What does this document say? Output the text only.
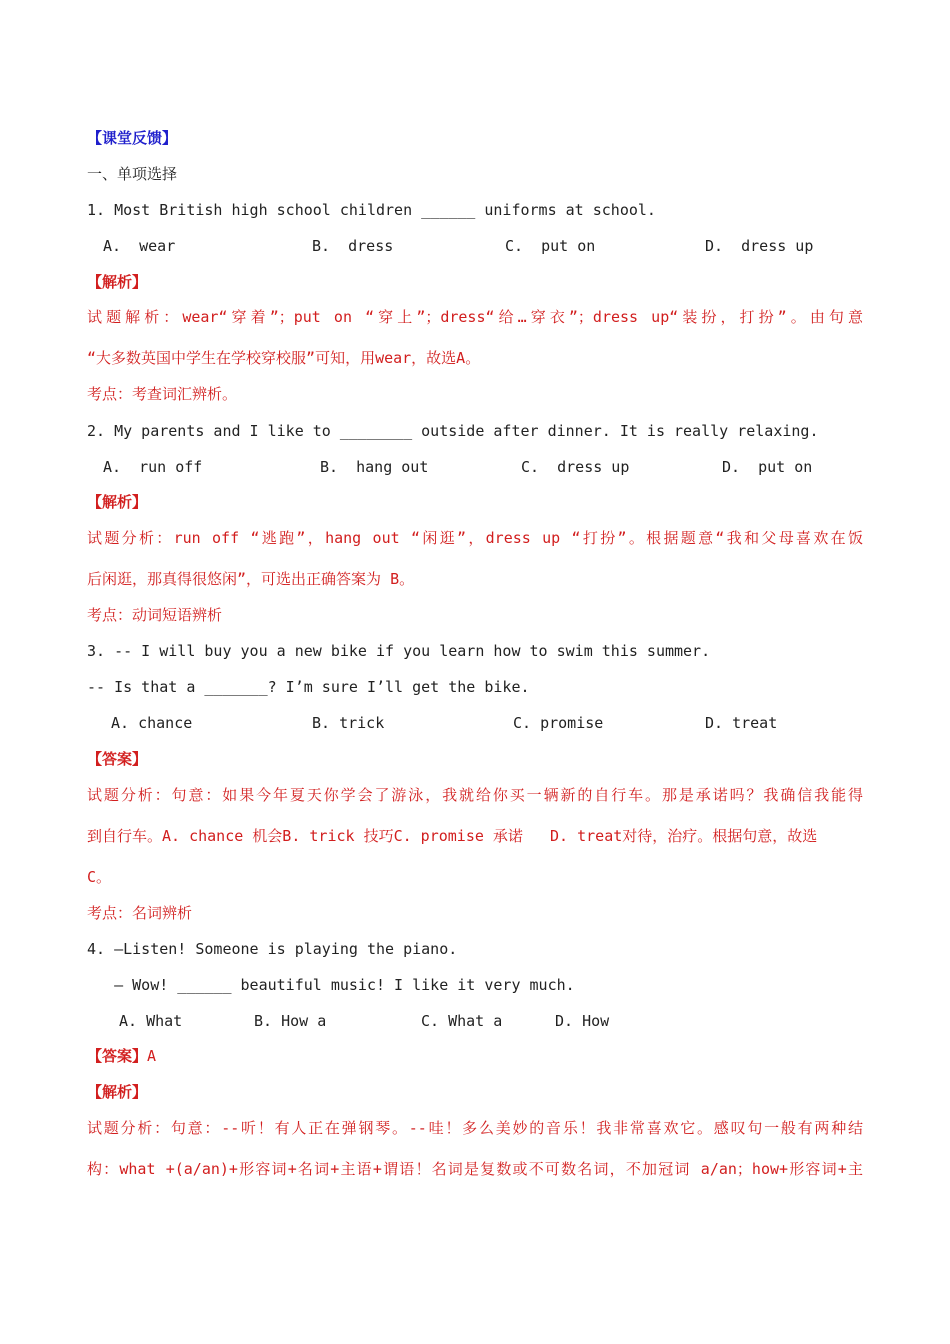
【课堂反馈】
一、单项选择
1. Most British high school children ______ uniforms at school.
A.  wear	B.  dress	C.  put on	D.  dress up
【解析】
试题解析：wear“穿着”；put on “穿上”；dress“给…穿衣”；dress up“装扮，打扮”。由句意
“大多数英国中学生在学校穿校服”可知，用wear，故选A。
考点：考查词汇辨析。
2. My parents and I like to ________ outside after dinner. It is really relaxing.
A.  run off	B.  hang out	C.  dress up	D.  put on
【解析】
试题分析：run off “逃跑”，hang out “闲逛”，dress up “打扮”。根据题意“我和父母喜欢在饭
后闲逛，那真得很悠闲”，可选出正确答案为 B。
考点：动词短语辨析
3. -- I will buy you a new bike if you learn how to swim this summer.
-- Is that a _______? I’m sure I’ll get the bike.
A. chance	B. trick	C. promise	D. treat
【答案】
试题分析：句意：如果今年夏天你学会了游泳，我就给你买一辆新的自行车。那是承诺吗？我确信我能得
到自行车。A. chance 机会B. trick 技巧C. promise 承诺   D. treat对待，治疗。根据句意，故选
C。
考点：名词辨析
4. —Listen! Someone is playing the piano.
— Wow! ______ beautiful music! I like it very much.
A. What	B. How a	C. What a	D. How
【答案】A
【解析】
试题分析：句意：--听！有人正在弹钢琴。--哇！多么美妙的音乐！我非常喜欢它。感叹句一般有两种结
构：what +(a/an)+形容词+名词+主语+谓语！名词是复数或不可数名词，不加冠词 a/an；how+形容词+主
